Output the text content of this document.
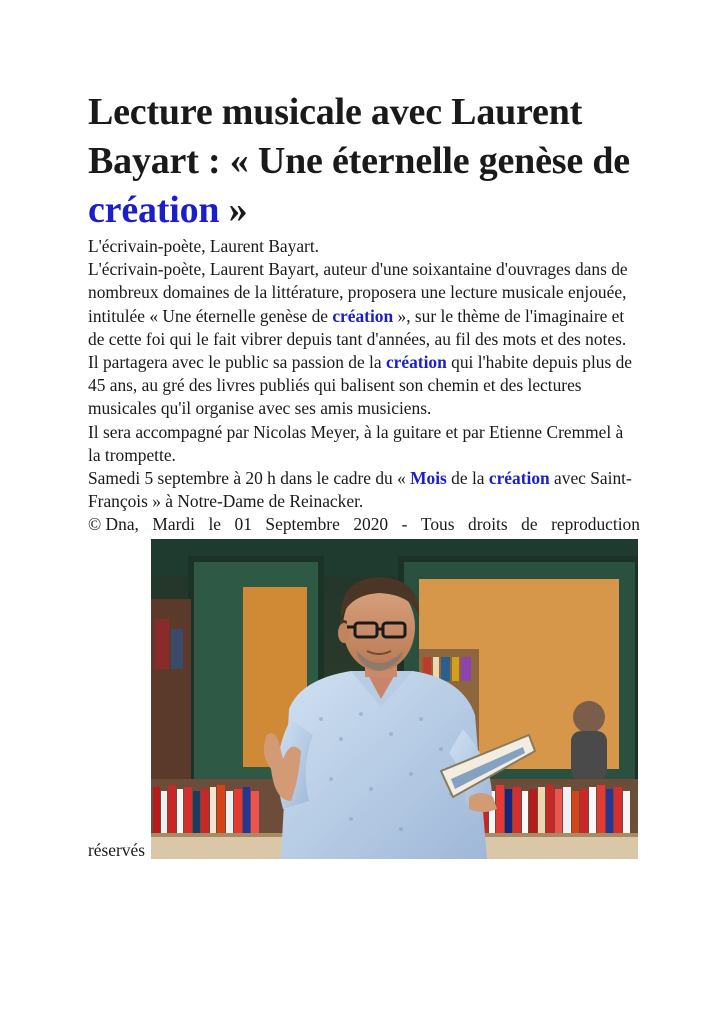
Lecture musicale avec Laurent Bayart : « Une éternelle genèse de création »

L'écrivain-poète, Laurent Bayart.

L'écrivain-poète, Laurent Bayart, auteur d'une soixantaine d'ouvrages dans de nombreux domaines de la littérature, proposera une lecture musicale enjouée, intitulée « Une éternelle genèse de création », sur le thème de l'imaginaire et de cette foi qui le fait vibrer depuis tant d'années, au fil des mots et des notes. Il partagera avec le public sa passion de la création qui l'habite depuis plus de 45 ans, au gré des livres publiés qui balisent son chemin et des lectures musicales qu'il organise avec ses amis musiciens.

Il sera accompagné par Nicolas Meyer, à la guitare et par Etienne Cremmel à la trompette.

Samedi 5 septembre à 20 h dans le cadre du « Mois de la création avec Saint-François » à Notre-Dame de Reinacker.

© Dna, Mardi le 01 Septembre 2020 - Tous droits de reproduction
réservés
